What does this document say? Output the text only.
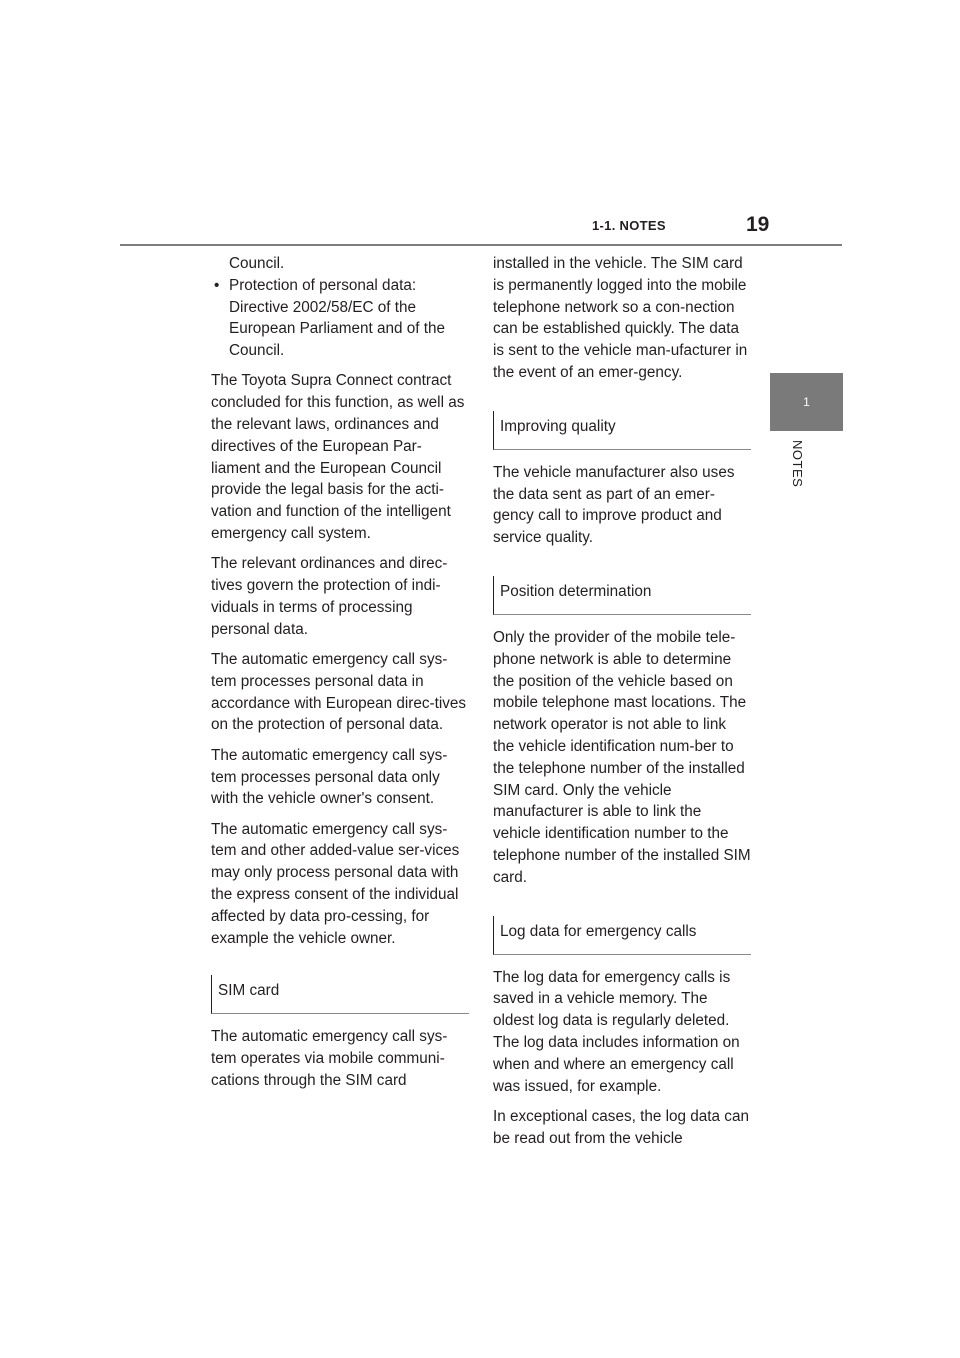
1-1. NOTES	19
1
NOTES

Council.

• Protection of personal data:

Directive 2002/58/EC of the European Parliament and of the Council.

The Toyota Supra Connect contract concluded for this function, as well as the relevant laws, ordinances and directives of the European Par-liament and the European Council provide the legal basis for the acti-vation and function of the intelligent emergency call system.

The relevant ordinances and direc-tives govern the protection of indi-viduals in terms of processing personal data.

The automatic emergency call sys-tem processes personal data in accordance with European direc-tives on the protection of personal data.

The automatic emergency call sys-tem processes personal data only with the vehicle owner's consent.

The automatic emergency call sys-tem and other added-value ser-vices may only process personal data with the express consent of the individual affected by data pro-cessing, for example the vehicle owner.

SIM card

The automatic emergency call sys-tem operates via mobile communi-cations through the SIM card

installed in the vehicle. The SIM card is permanently logged into the mobile telephone network so a con-nection can be established quickly. The data is sent to the vehicle man-ufacturer in the event of an emer-gency.

Improving quality

The vehicle manufacturer also uses the data sent as part of an emer-gency call to improve product and service quality.

Position determination

Only the provider of the mobile tele-phone network is able to determine the position of the vehicle based on mobile telephone mast locations. The network operator is not able to link the vehicle identification num-ber to the telephone number of the installed SIM card. Only the vehicle manufacturer is able to link the vehicle identification number to the telephone number of the installed SIM card.

Log data for emergency calls

The log data for emergency calls is saved in a vehicle memory. The oldest log data is regularly deleted. The log data includes information on when and where an emergency call was issued, for example.

In exceptional cases, the log data can be read out from the vehicle
